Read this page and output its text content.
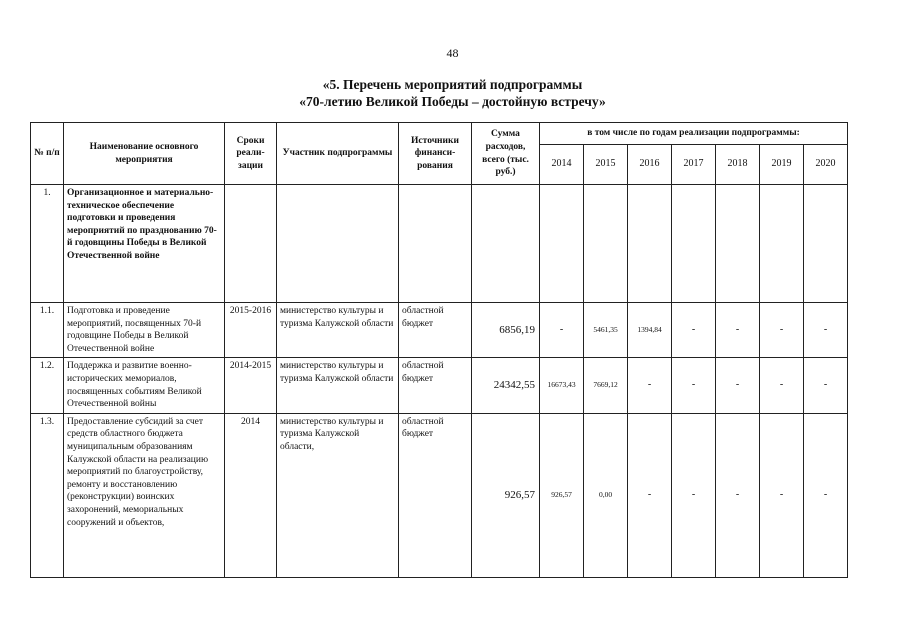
48
«5. Перечень мероприятий подпрограммы
«70-летию Великой Победы – достойную встречу»
№ п/п	Наименование основного мероприятия	Сроки реали-зации	Участник подпрограммы	Источники финанси-рования	Сумма расходов, всего (тыс. руб.)	в том числе по годам реализации подпрограммы:						
						2014	2015	2016	2017	2018	2019	2020
1.	Организационное и материально-техническое обеспечение подготовки и проведения мероприятий по празднованию 70-й годовщины Победы в Великой Отечественной войне											
1.1.	Подготовка и проведение мероприятий, посвященных 70-й годовщине Победы в Великой Отечественной войне	2015-2016	министерство культуры и туризма Калужской области	областной бюджет	6856,19	-	5461,35	1394,84	-	-	-	-
1.2.	Поддержка и развитие военно-исторических мемориалов, посвященных событиям Великой Отечественной войны	2014-2015	министерство культуры и туризма Калужской области	областной бюджет	24342,55	16673,43	7669,12	-	-	-	-	-
1.3.	Предоставление субсидий за счет средств областного бюджета муниципальным образованиям Калужской области на реализацию мероприятий по благоустройству, ремонту и восстановлению (реконструкции) воинских захоронений, мемориальных сооружений и объектов,	2014	министерство культуры и туризма Калужской области,	областной бюджет	926,57	926,57	0,00	-	-	-	-	-
